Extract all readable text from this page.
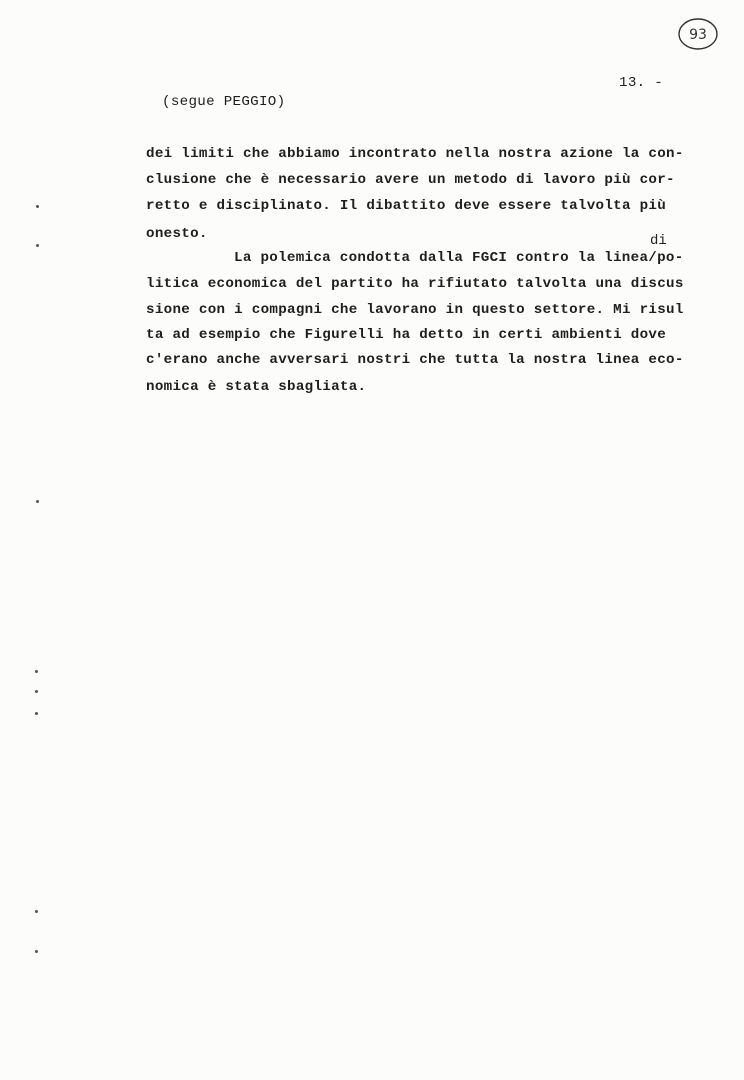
93
13. -
(segue PEGGIO)
dei limiti che abbiamo incontrato nella nostra azione la con-
clusione che è necessario avere un metodo di lavoro più cor-
retto e disciplinato. Il dibattito deve essere talvolta più
onesto.	di
La polemica condotta dalla FGCI contro la linea/po-
litica economica del partito ha rifiutato talvolta una discus
sione con i compagni che lavorano in questo settore. Mi risul
ta ad esempio che Figurelli ha detto in certi ambienti dove
c'erano anche avversari nostri che tutta la nostra linea eco-
nomica è stata sbagliata.
